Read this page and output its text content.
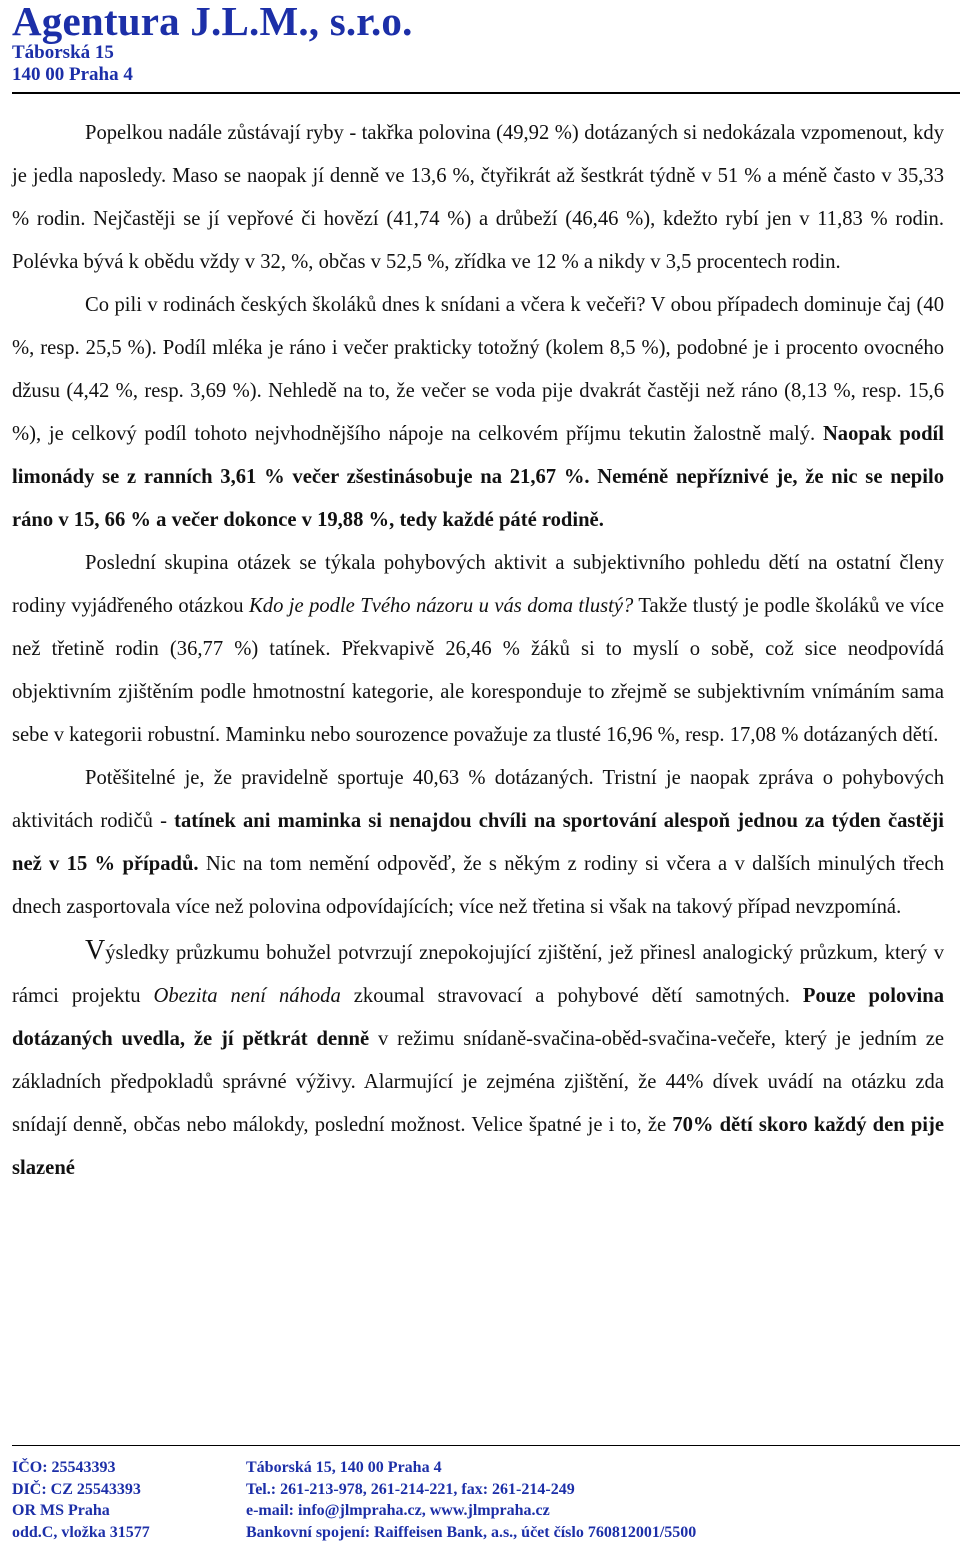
Agentura J.L.M., s.r.o.
Táborská 15
140 00 Praha 4

Popelkou nadále zůstávají ryby - takřka polovina (49,92 %) dotázaných si nedokázala vzpomenout, kdy je jedla naposledy. Maso se naopak jí denně ve 13,6 %, čtyřikrát až šestkrát týdně v 51 % a méně často v 35,33 % rodin. Nejčastěji se jí vepřové či hovězí (41,74 %) a drůbeží (46,46 %), kdežto rybí jen v 11,83 % rodin. Polévka bývá k obědu vždy v 32, %, občas v 52,5 %, zřídka ve 12 % a nikdy v 3,5 procentech rodin.

Co pili v rodinách českých školáků dnes k snídani a včera k večeři? V obou případech dominuje čaj (40 %, resp. 25,5 %). Podíl mléka je ráno i večer prakticky totožný (kolem 8,5 %), podobné je i procento ovocného džusu (4,42 %, resp. 3,69 %). Nehledě na to, že večer se voda pije dvakrát častěji než ráno (8,13 %, resp. 15,6 %), je celkový podíl tohoto nejvhodnějšího nápoje na celkovém příjmu tekutin žalostně malý. Naopak podíl limonády se z ranních 3,61 % večer zšestinásobuje na 21,67 %. Neméně nepříznivé je, že nic se nepilo ráno v 15, 66 % a večer dokonce v 19,88 %, tedy každé páté rodině.

Poslední skupina otázek se týkala pohybových aktivit a subjektivního pohledu dětí na ostatní členy rodiny vyjádřeného otázkou Kdo je podle Tvého názoru u vás doma tlustý? Takže tlustý je podle školáků ve více než třetině rodin (36,77 %) tatínek. Překvapivě 26,46 % žáků si to myslí o sobě, což sice neodpovídá objektivním zjištěním podle hmotnostní kategorie, ale koresponduje to zřejmě se subjektivním vnímáním sama sebe v kategorii robustní. Maminku nebo sourozence považuje za tlusté 16,96 %, resp. 17,08 % dotázaných dětí.

Potěšitelné je, že pravidelně sportuje 40,63 % dotázaných. Tristní je naopak zpráva o pohybových aktivitách rodičů - tatínek ani maminka si nenajdou chvíli na sportování alespoň jednou za týden častěji než v 15 % případů. Nic na tom nemění odpověď, že s někým z rodiny si včera a v dalších minulých třech dnech zasportovala více než polovina odpovídajících; více než třetina si však na takový případ nevzpomíná.

Výsledky průzkumu bohužel potvrzují znepokojující zjištění, jež přinesl analogický průzkum, který v rámci projektu Obezita není náhoda zkoumal stravovací a pohybové dětí samotných. Pouze polovina dotázaných uvedla, že jí pětkrát denně v režimu snídaně-svačina-oběd-svačina-večeře, který je jedním ze základních předpokladů správné výživy. Alarmující je zejména zjištění, že 44% dívek uvádí na otázku zda snídají denně, občas nebo málokdy, poslední možnost. Velice špatné je i to, že 70% dětí skoro každý den pije slazené

IČO: 25543393
DIČ: CZ 25543393
OR MS Praha
odd.C, vložka 31577
Táborská 15, 140 00 Praha 4
Tel.: 261-213-978, 261-214-221, fax: 261-214-249
e-mail: info@jlmpraha.cz, www.jlmpraha.cz
Bankovní spojení: Raiffeisen Bank, a.s., účet číslo 760812001/5500
